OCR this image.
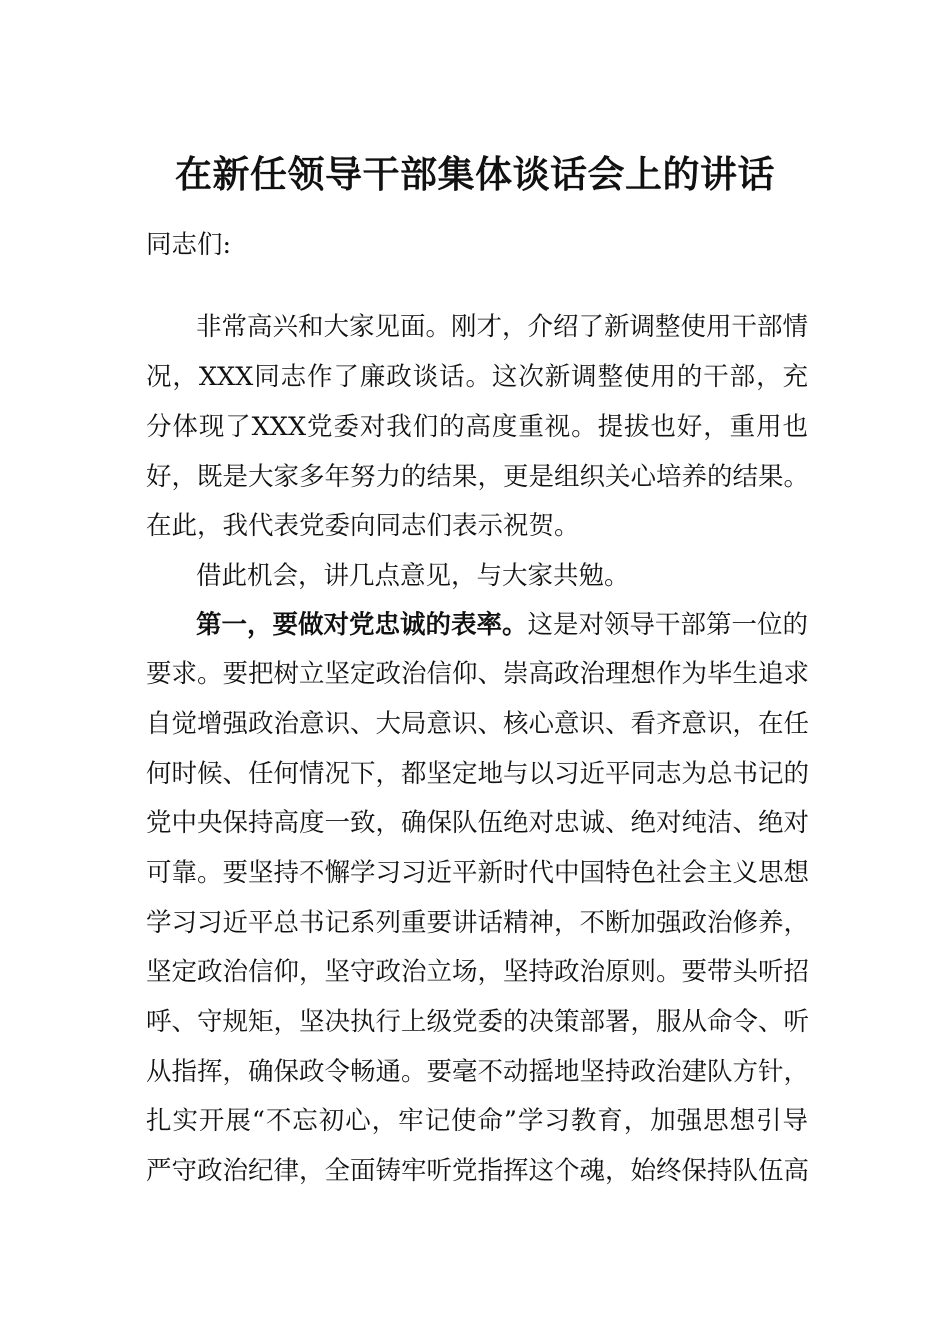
在新任领导干部集体谈话会上的讲话
同志们:
非常高兴和大家见面。刚才，介绍了新调整使用干部情
况，XXX同志作了廉政谈话。这次新调整使用的干部，充
分体现了XXX党委对我们的高度重视。提拔也好，重用也
好，既是大家多年努力的结果，更是组织关心培养的结果。
在此，我代表党委向同志们表示祝贺。
借此机会，讲几点意见，与大家共勉。
第一，要做对党忠诚的表率。这是对领导干部第一位的
要求。要把树立坚定政治信仰、崇高政治理想作为毕生追求
自觉增强政治意识、大局意识、核心意识、看齐意识，在任
何时候、任何情况下，都坚定地与以习近平同志为总书记的
党中央保持高度一致，确保队伍绝对忠诚、绝对纯洁、绝对
可靠。要坚持不懈学习习近平新时代中国特色社会主义思想
学习习近平总书记系列重要讲话精神，不断加强政治修养，
坚定政治信仰，坚守政治立场，坚持政治原则。要带头听招
呼、守规矩，坚决执行上级党委的决策部署，服从命令、听
从指挥，确保政令畅通。要毫不动摇地坚持政治建队方针，
扎实开展“不忘初心，牢记使命”学习教育，加强思想引导
严守政治纪律，全面铸牢听党指挥这个魂，始终保持队伍高
